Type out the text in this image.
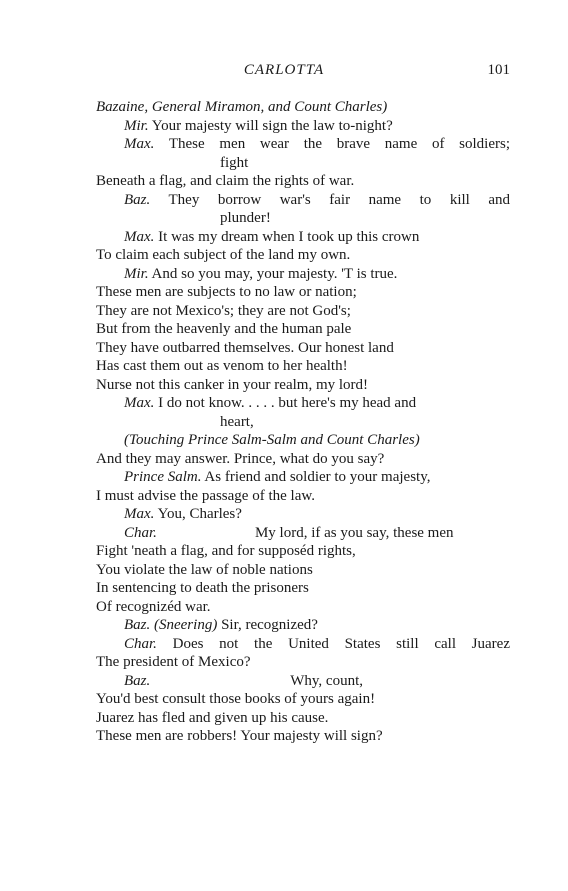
CARLOTTA	101
Bazaine, General Miramon, and Count Charles)
Mir. Your majesty will sign the law to-night?
Max. These men wear the brave name of soldiers;
fight
Beneath a flag, and claim the rights of war.
Baz. They borrow war's fair name to kill and
plunder!
Max. It was my dream when I took up this crown
To claim each subject of the land my own.
Mir. And so you may, your majesty. 'T is true.
These men are subjects to no law or nation;
They are not Mexico's; they are not God's;
But from the heavenly and the human pale
They have outbarred themselves. Our honest land
Has cast them out as venom to her health!
Nurse not this canker in your realm, my lord!
Max. I do not know. . . . . but here's my head and
heart,
(Touching Prince Salm-Salm and Count Charles)
And they may answer. Prince, what do you say?
Prince Salm. As friend and soldier to your majesty,
I must advise the passage of the law.
Max. You, Charles?
Char.	My lord, if as you say, these men
Fight 'neath a flag, and for supposéd rights,
You violate the law of noble nations
In sentencing to death the prisoners
Of recognizéd war.
Baz. (Sneering) Sir, recognized?
Char. Does not the United States still call Juarez
The president of Mexico?
Baz.	Why, count,
You'd best consult those books of yours again!
Juarez has fled and given up his cause.
These men are robbers! Your majesty will sign?
